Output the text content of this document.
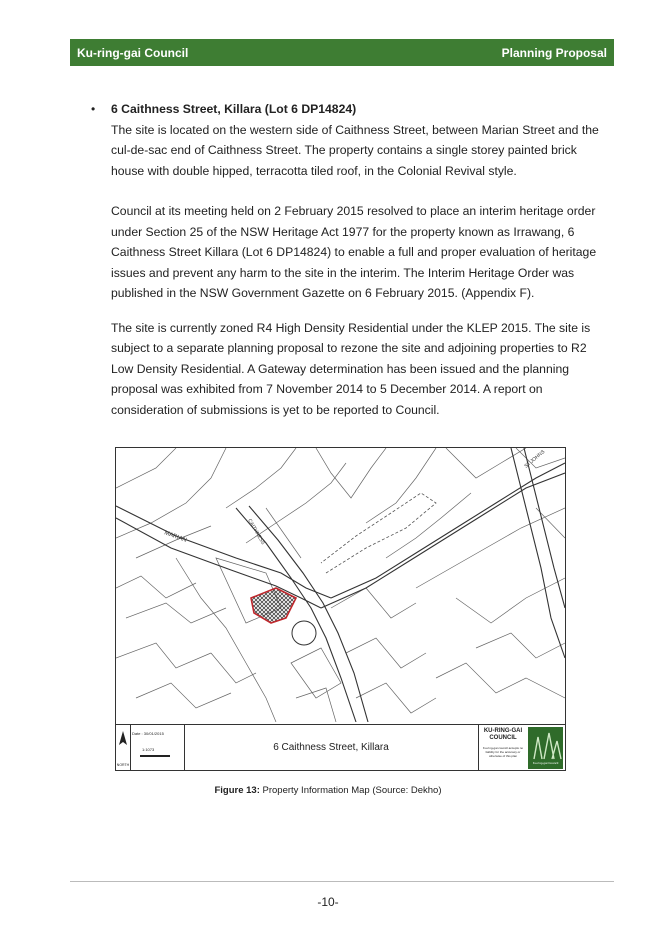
Ku-ring-gai Council	Planning Proposal
• 6 Caithness Street, Killara (Lot 6 DP14824)

The site is located on the western side of Caithness Street, between Marian Street and the cul-de-sac end of Caithness Street. The property contains a single storey painted brick house with double hipped, terracotta tiled roof, in the Colonial Revival style.

Council at its meeting held on 2 February 2015 resolved to place an interim heritage order under Section 25 of the NSW Heritage Act 1977 for the property known as Irrawang, 6 Caithness Street Killara (Lot 6 DP14824) to enable a full and proper evaluation of heritage issues and prevent any harm to the site in the interim. The Interim Heritage Order was published in the NSW Government Gazette on 6 February 2015. (Appendix F).

The site is currently zoned R4 High Density Residential under the KLEP 2015. The site is subject to a separate planning proposal to rezone the site and adjoining properties to R2 Low Density Residential. A Gateway determination has been issued and the planning proposal was exhibited from 7 November 2014 to 5 December 2014. A report on consideration of submissions is yet to be reported to Council.

MARIAN	CAITHNESS
ST JOHNS
NORTH
Date : 30/01/2015
1:1073	6 Caithness Street, Killara
KU-RING-GAI COUNCIL
Ku-ring-gai council accepts no liability for the accuracy or otherwise of this plan
Ku-ring-gai Council
Figure 13: Property Information Map (Source: Dekho)
-10-
